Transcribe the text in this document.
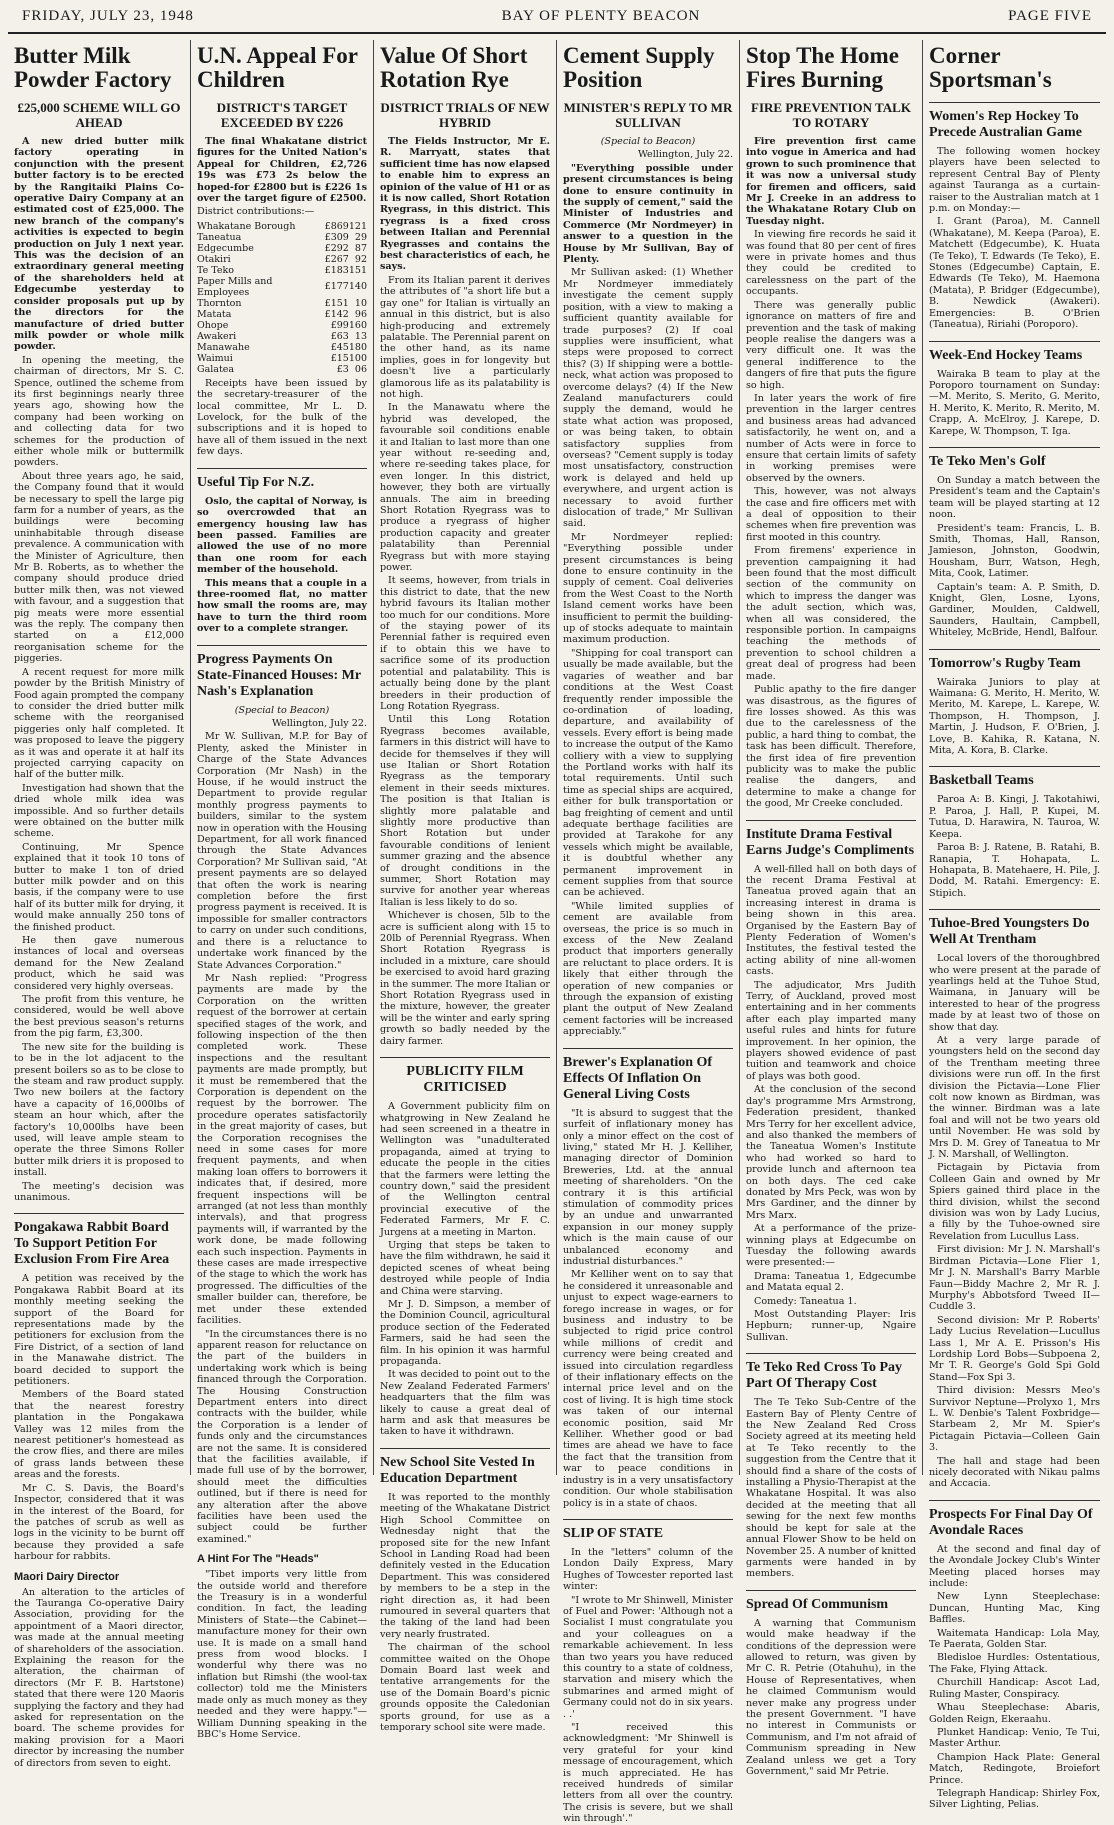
FRIDAY, JULY 23, 1948	BAY OF PLENTY BEACON	PAGE FIVE
Butter Milk Powder Factory
£25,000 SCHEME WILL GO AHEAD

A new dried butter milk factory operating in conjunction with the present butter factory is to be erected by the Rangitaiki Plains Co-operative Dairy Company at an estimated cost of £25,000. The new branch of the company's activities is expected to begin production on July 1 next year. This was the decision of an extraordinary general meeting of the shareholders held at Edgecumbe yesterday to consider proposals put up by the directors for the manufacture of dried butter milk powder or whole milk powder.

In opening the meeting, the chairman of directors, Mr S. C. Spence, outlined the scheme from its first beginnings nearly three years ago, showing how the company had been working on and collecting data for two schemes for the production of either whole milk or buttermilk powders.

About three years ago, he said, the Company found that it would be necessary to spell the large pig farm for a number of years, as the buildings were becoming uninhabitable through disease prevalence. A communication with the Minister of Agriculture, then Mr B. Roberts, as to whether the company should produce dried butter milk then, was not viewed with favour, and a suggestion that pig meats were more essential was the reply. The company then started on a £12,000 reorganisation scheme for the piggeries.

A recent request for more milk powder by the British Ministry of Food again prompted the company to consider the dried butter milk scheme with the reorganised piggeries only half completed. It was proposed to leave the piggery as it was and operate it at half its projected carrying capacity on half of the butter milk.

Investigation had shown that the dried whole milk idea was impossible. And so further details were obtained on the butter milk scheme.

Continuing, Mr Spence explained that it took 10 tons of butter to make 1 ton of dried butter milk powder and on this basis, if the company were to use half of its butter milk for drying, it would make annually 250 tons of the finished product.

He then gave numerous instances of local and overseas demand for the New Zealand product, which he said was considered very highly overseas.

The profit from this venture, he considered, would be well above the best previous season's returns from the pig farm, £3,300.

The new site for the building is to be in the lot adjacent to the present boilers so as to be close to the steam and raw product supply. Two new boilers at the factory have a capacity of 16,000lbs of steam an hour which, after the factory's 10,000lbs have been used, will leave ample steam to operate the three Simons Roller butter milk driers it is proposed to install.

The meeting's decision was unanimous.

Pongakawa Rabbit Board To Support Petition For Exclusion From Fire Area

A petition was received by the Pongakawa Rabbit Board at its monthly meeting seeking the support of the Board for representations made by the petitioners for exclusion from the Fire District, of a section of land in the Manawahe district. The board decided to support the petitioners.

Members of the Board stated that the nearest forestry plantation in the Pongakawa Valley was 12 miles from the nearest petitioner's homestead as the crow flies, and there are miles of grass lands between these areas and the forests.

Mr C. S. Davis, the Board's Inspector, considered that it was in the interest of the Board, for the patches of scrub as well as logs in the vicinity to be burnt off because they provided a safe harbour for rabbits.

Maori Dairy Director

An alteration to the articles of the Tauranga Co-operative Dairy Association, providing for the appointment of a Maori director, was made at the annual meeting of shareholders of the association. Explaining the reason for the alteration, the chairman of directors (Mr F. B. Hartstone) stated that there were 120 Maoris supplying the factory and they had asked for representation on the board. The scheme provides for making provision for a Maori director by increasing the number of directors from seven to eight.

U.N. Appeal For Children
DISTRICT'S TARGET EXCEEDED BY £226

The final Whakatane district figures for the United Nation's Appeal for Children, £2,726 19s was £73 2s below the hoped-for £2800 but is £226 1s over the target figure of £2500.

District contributions:—

Whakatane Borough	£869	12	1
Taneatua	£309	2	9
Edgecumbe	£292	8	7
Otakiri	£267	9	2
Te Teko	£183	15	1
Paper Mills and Employees	£177	14	0
Thornton	£151	1	0
Matata	£142	9	6
Ohope	£99	16	0
Awakeri	£63	1	3
Manawahe	£45	18	0
Waimui	£15	10	0
Galatea	£3	0	6

Receipts have been issued by the secretary-treasurer of the local committee, Mr L. D. Lovelock, for the bulk of the subscriptions and it is hoped to have all of them issued in the next few days.

Useful Tip For N.Z.

Oslo, the capital of Norway, is so overcrowded that an emergency housing law has been passed. Families are allowed the use of no more than one room for each member of the household.

This means that a couple in a three-roomed flat, no matter how small the rooms are, may have to turn the third room over to a complete stranger.

Progress Payments On State-Financed Houses: Mr Nash's Explanation

(Special to Beacon)

Wellington, July 22.

Mr W. Sullivan, M.P. for Bay of Plenty, asked the Minister in Charge of the State Advances Corporation (Mr Nash) in the House, if he would instruct the Department to provide regular monthly progress payments to builders, similar to the system now in operation with the Housing Department, for all work financed through the State Advances Corporation? Mr Sullivan said, "At present payments are so delayed that often the work is nearing completion before the first progress payment is received. It is impossible for smaller contractors to carry on under such conditions, and there is a reluctance to undertake work financed by the State Advances Corporation."

Mr Nash replied: "Progress payments are made by the Corporation on the written request of the borrower at certain specified stages of the work, and following inspection of the then completed work. These inspections and the resultant payments are made promptly, but it must be remembered that the Corporation is dependent on the request by the borrower. The procedure operates satisfactorily in the great majority of cases, but the Corporation recognises the need in some cases for more frequent payments, and when making loan offers to borrowers it indicates that, if desired, more frequent inspections will be arranged (at not less than monthly intervals), and that progress payments will, if warranted by the work done, be made following each such inspection. Payments in these cases are made irrespective of the stage to which the work has progressed. The difficulties of the smaller builder can, therefore, be met under these extended facilities.

"In the circumstances there is no apparent reason for reluctance on the part of the builders in undertaking work which is being financed through the Corporation. The Housing Construction Department enters into direct contracts with the builder, while the Corporation is a lender of funds only and the circumstances are not the same. It is considered that the facilities available, if made full use of by the borrower, should meet the difficulties outlined, but if there is need for any alteration after the above facilities have been used the subject could be further examined."

A Hint For The "Heads"

"Tibet imports very little from the outside world and therefore the Treasury is in a wonderful condition. In fact, the leading Ministers of State—the Cabinet—manufacture money for their own use. It is made on a small hand press from wood blocks. I wonderful why there was no inflation but Rimshi (the wool-tax collector) told me the Ministers made only as much money as they needed and they were happy."—William Dunning speaking in the BBC's Home Service.

Value Of Short Rotation Rye
DISTRICT TRIALS OF NEW HYBRID

The Fields Instructor, Mr E. R. Marryatt, states that sufficient time has now elapsed to enable him to express an opinion of the value of H1 or as it is now called, Short Rotation Ryegrass, in this district. This ryegrass is a fixed cross between Italian and Perennial Ryegrasses and contains the best characteristics of each, he says.

From its Italian parent it derives the attributes of "a short life but a gay one" for Italian is virtually an annual in this district, but is also high-producing and extremely palatable. The Perennial parent on the other hand, as its name implies, goes in for longevity but doesn't live a particularly glamorous life as its palatability is not high.

In the Manawatu where the hybrid was developed, the favourable soil conditions enable it and Italian to last more than one year without re-seeding and, where re-seeding takes place, for even longer. In this district, however, they both are virtually annuals. The aim in breeding Short Rotation Ryegrass was to produce a ryegrass of higher production capacity and greater palatability than Perennial Ryegrass but with more staying power.

It seems, however, from trials in this district to date, that the new hybrid favours its Italian mother too much for our conditions. More of the staying power of its Perennial father is required even if to obtain this we have to sacrifice some of its production potential and palatability. This is actually being done by the plant breeders in their production of Long Rotation Ryegrass.

Until this Long Rotation Ryegrass becomes available, farmers in this district will have to decide for themselves if they will use Italian or Short Rotation Ryegrass as the temporary element in their seeds mixtures. The position is that Italian is slightly more palatable and slightly more productive than Short Rotation but under favourable conditions of lenient summer grazing and the absence of drought conditions in the summer, Short Rotation may survive for another year whereas Italian is less likely to do so.

Whichever is chosen, 5lb to the acre is sufficient along with 15 to 20lb of Perennial Ryegrass. When Short Rotation Ryegrass is included in a mixture, care should be exercised to avoid hard grazing in the summer. The more Italian or Short Rotation Ryegrass used in the mixture, however, the greater will be the winter and early spring growth so badly needed by the dairy farmer.

PUBLICITY FILM CRITICISED

A Government publicity film on whatgrowing in New Zealand he had seen screened in a theatre in Wellington was "unadulterated propaganda, aimed at trying to educate the people in the cities that the farmers were letting the country down," said the president of the Wellington central provincial executive of the Federated Farmers, Mr F. C. Jurgens at a meeting in Marton.

Urging that steps be taken to have the film withdrawn, he said it depicted scenes of wheat being destroyed while people of India and China were starving.

Mr J. D. Simpson, a member of the Dominion Council, agricultural produce section of the Federated Farmers, said he had seen the film. In his opinion it was harmful propaganda.

It was decided to point out to the New Zealand Federated Farmers' headquarters that the film was likely to cause a great deal of harm and ask that measures be taken to have it withdrawn.

New School Site Vested In Education Department

It was reported to the monthly meeting of the Whakatane District High School Committee on Wednesday night that the proposed site for the new Infant School in Landing Road had been definitely vested in the Education Department. This was considered by members to be a step in the right direction as, it had been rumoured in several quarters that the taking of the land had been very nearly frustrated.

The chairman of the school committee waited on the Ohope Domain Board last week and tentative arrangements for the use of the Domain Board's picnic grounds opposite the Caledonian sports ground, for use as a temporary school site were made.

Cement Supply Position
MINISTER'S REPLY TO MR SULLIVAN

(Special to Beacon)

Wellington, July 22.

"Everything possible under present circumstances is being done to ensure continuity in the supply of cement," said the Minister of Industries and Commerce (Mr Nordmeyer) in answer to a question in the House by Mr Sullivan, Bay of Plenty.

Mr Sullivan asked: (1) Whether Mr Nordmeyer immediately investigate the cement supply position, with a view to making a sufficient quantity available for trade purposes? (2) If coal supplies were insufficient, what steps were proposed to correct this? (3) If shipping were a bottle-neck, what action was proposed to overcome delays? (4) If the New Zealand manufacturers could supply the demand, would he state what action was proposed, or was being taken, to obtain satisfactory supplies from overseas? "Cement supply is today most unsatisfactory, construction work is delayed and held up everywhere, and urgent action is necessary to avoid further dislocation of trade," Mr Sullivan said.

Mr Nordmeyer replied: "Everything possible under present circumstances is being done to ensure continuity in the supply of cement. Coal deliveries from the West Coast to the North Island cement works have been insufficient to permit the building-up of stocks adequate to maintain maximum production.

"Shipping for coal transport can usually be made available, but the vagaries of weather and bar conditions at the West Coast frequently render impossible the co-ordination of loading, departure, and availability of vessels. Every effort is being made to increase the output of the Kamo colliery with a view to supplying the Portland works with half its total requirements. Until such time as special ships are acquired, either for bulk transportation or bag freighting of cement and until adequate berthage facilities are provided at Tarakohe for any vessels which might be available, it is doubtful whether any permanent improvement in cement supplies from that source can be achieved.

"While limited supplies of cement are available from overseas, the price is so much in excess of the New Zealand product that importers generally are reluctant to place orders. It is likely that either through the operation of new companies or through the expansion of existing plant the output of New Zealand cement factories will be increased appreciably."

Brewer's Explanation Of Effects Of Inflation On General Living Costs

"It is absurd to suggest that the surfeit of inflationary money has only a minor effect on the cost of living," stated Mr H. J. Kelliher, managing director of Dominion Breweries, Ltd. at the annual meeting of shareholders. "On the contrary it is this artificial stimulation of commodity prices by an undue and unwarranted expansion in our money supply which is the main cause of our unbalanced economy and industrial disturbances."

Mr Kelliher went on to say that he considered it unreasonable and unjust to expect wage-earners to forego increase in wages, or for business and industry to be subjected to rigid price control while millions of credit and currency were being created and issued into circulation regardless of their inflationary effects on the internal price level and on the cost of living. It is high time stock was taken of our internal economic position, said Mr Kelliher. Whether good or bad times are ahead we have to face the fact that the transition from war to peace conditions in industry is in a very unsatisfactory condition. Our whole stabilisation policy is in a state of chaos.

SLIP OF STATE

In the "letters" column of the London Daily Express, Mary Hughes of Towcester reported last winter:

"I wrote to Mr Shinwell, Minister of Fuel and Power: 'Although not a Socialist I must congratulate you and your colleagues on a remarkable achievement. In less than two years you have reduced this country to a state of coldness, starvation and misery which the submarines and armed might of Germany could not do in six years. . .'

"I received this acknowledgment: 'Mr Shinwell is very grateful for your kind message of encouragement, which is much appreciated. He has received hundreds of similar letters from all over the country. The crisis is severe, but we shall win through'."

Stop The Home Fires Burning
FIRE PREVENTION TALK TO ROTARY

Fire prevention first came into vogue in America and had grown to such prominence that it was now a universal study for firemen and officers, said Mr J. Creeke in an address to the Whakatane Rotary Club on Tuesday night.

In viewing fire records he said it was found that 80 per cent of fires were in private homes and thus they could be credited to carelessness on the part of the occupants.

There was generally public ignorance on matters of fire and prevention and the task of making people realise the dangers was a very difficult one. It was the general indifference to the dangers of fire that puts the figure so high.

In later years the work of fire prevention in the larger centres and business areas had advanced satisfactorily, he went on, and a number of Acts were in force to ensure that certain limits of safety in working premises were observed by the owners.

This, however, was not always the case and fire officers met with a deal of opposition to their schemes when fire prevention was first mooted in this country.

From firemens' experience in prevention campaigning it had been found that the most difficult section of the community on which to impress the danger was the adult section, which was, when all was considered, the responsible portion. In campaigns teaching the methods of prevention to school children a great deal of progress had been made.

Public apathy to the fire danger was disastrous, as the figures of fire losses showed. As this was due to the carelessness of the public, a hard thing to combat, the task has been difficult. Therefore, the first idea of fire prevention publicity was to make the public realise the dangers, and determine to make a change for the good, Mr Creeke concluded.

Institute Drama Festival Earns Judge's Compliments

A well-filled hall on both days of the recent Drama Festival at Taneatua proved again that an increasing interest in drama is being shown in this area. Organised by the Eastern Bay of Plenty Federation of Women's Institutes, the festival tested the acting ability of nine all-women casts.

The adjudicator, Mrs Judith Terry, of Auckland, proved most entertaining and in her comments after each play imparted many useful rules and hints for future improvement. In her opinion, the players showed evidence of past tuition and teamwork and choice of plays was both good.

At the conclusion of the second day's programme Mrs Armstrong, Federation president, thanked Mrs Terry for her excellent advice, and also thanked the members of the Taneatua Women's Institute who had worked so hard to provide lunch and afternoon tea on both days. The ced cake donated by Mrs Peck, was won by Mrs Gardiner, and the dinner by Mrs Marx.

At a performance of the prize-winning plays at Edgecumbe on Tuesday the following awards were presented:—

Drama: Taneatua 1, Edgecumbe and Matata equal 2.

Comedy: Taneatua 1.

Most Outstanding Player: Iris Hepburn; runner-up, Ngaire Sullivan.

Te Teko Red Cross To Pay Part Of Therapy Cost

The Te Teko Sub-Centre of the Eastern Bay of Plenty Centre of the New Zealand Red Cross Society agreed at its meeting held at Te Teko recently to the suggestion from the Centre that it should find a share of the costs of installing a Physio-Therapist at the Whakatane Hospital. It was also decided at the meeting that all sewing for the next few months should be kept for sale at the annual Flower Show to be held on November 25. A number of knitted garments were handed in by members.

Spread Of Communism

A warning that Communism would make headway if the conditions of the depression were allowed to return, was given by Mr C. R. Petrie (Otahuhu), in the House of Representatives, when he claimed Communism would never make any progress under the present Government. "I have no interest in Communists or Communism, and I'm not afraid of Communism spreading in New Zealand unless we get a Tory Government," said Mr Petrie.

Corner Sportsman's
Women's Rep Hockey To Precede Australian Game

The following women hockey players have been selected to represent Central Bay of Plenty against Tauranga as a curtain-raiser to the Australian match at 1 p.m. on Monday:—

I. Grant (Paroa), M. Cannell (Whakatane), M. Keepa (Paroa), E. Matchett (Edgecumbe), K. Huata (Te Teko), T. Edwards (Te Teko), E. Stones (Edgecumbe) Captain, E. Edwards (Te Teko), M. Haemona (Matata), P. Bridger (Edgecumbe), B. Newdick (Awakeri). Emergencies: B. O'Brien (Taneatua), Ririahi (Poroporo).

Week-End Hockey Teams

Wairaka B team to play at the Poroporo tournament on Sunday:—M. Merito, S. Merito, G. Merito, H. Merito, K. Merito, R. Merito, M. Crapp, A. McElroy, J. Karepe, D. Karepe, W. Thompson, T. Iga.

Te Teko Men's Golf

On Sunday a match between the President's team and the Captain's team will be played starting at 12 noon.

President's team: Francis, L. B. Smith, Thomas, Hall, Ranson, Jamieson, Johnston, Goodwin, Housham, Burr, Watson, Hegh, Mita, Cook, Latimer.

Captain's team: A. P. Smith, D. Knight, Glen, Losne, Lyons, Gardiner, Moulden, Caldwell, Saunders, Haultain, Campbell, Whiteley, McBride, Hendl, Balfour.

Tomorrow's Rugby Team

Wairaka Juniors to play at Waimana: G. Merito, H. Merito, W. Merito, M. Karepe, L. Karepe, W. Thompson, H. Thompson, J. Martin, J. Hudson, F. O'Brien, J. Love, B. Kahika, R. Katana, N. Mita, A. Kora, B. Clarke.

Basketball Teams

Paroa A: B. Kingi, J. Takotahiwi, P. Paroa, J. Hall, P. Kupei, M. Tutua, D. Harawira, N. Tauroa, W. Keepa.

Paroa B: J. Ratene, B. Ratahi, B. Ranapia, T. Hohapata, L. Hohapata, B. Matehaere, H. Pile, J. Dodd, M. Ratahi. Emergency: E. Stipich.

Tuhoe-Bred Youngsters Do Well At Trentham

Local lovers of the thoroughbred who were present at the parade of yearlings held at the Tuhoe Stud, Waimana, in January will be interested to hear of the progress made by at least two of those on show that day.

At a very large parade of youngsters held on the second day of the Trentham meeting three divisions were run off. In the first division the Pictavia—Lone Flier colt now known as Birdman, was the winner. Birdman was a late foal and will not be two years old until November. He was sold by Mrs D. M. Grey of Taneatua to Mr J. N. Marshall, of Wellington.

Pictagain by Pictavia from Colleen Gain and owned by Mr Spiers gained third place in the third division, whilst the second division was won by Lady Lucius, a filly by the Tuhoe-owned sire Revelation from Lucullus Lass.

First division: Mr J. N. Marshall's Birdman Pictavia—Lone Flier 1, Mr J. N. Marshall's Barry Marble Faun—Biddy Machre 2, Mr R. J. Murphy's Abbotsford Tweed II—Cuddle 3.

Second division: Mr P. Roberts' Lady Lucius Revelation—Lucullus Lass 1, Mr A. E. Prisson's His Lordship Lord Bobs—Subpoena 2, Mr T. R. George's Gold Spi Gold Stand—Fox Spi 3.

Third division: Messrs Meo's Survivor Neptune—Prolyxo 1, Mrs L. W. Denbie's Talent Foxbridge—Starbeam 2, Mr M. Spier's Pictagain Pictavia—Colleen Gain 3.

The hall and stage had been nicely decorated with Nikau palms and Accacia.

Prospects For Final Day Of Avondale Races

At the second and final day of the Avondale Jockey Club's Winter Meeting placed horses may include:

New Lynn Steeplechase: Duncan, Hunting Mac, King Baffles.

Waitemata Handicap: Lola May, Te Paerata, Golden Star.

Bledisloe Hurdles: Ostentatious, The Fake, Flying Attack.

Churchill Handicap: Ascot Lad, Ruling Master, Conspiracy.

Whau Steeplechase: Abaris, Golden Reign, Ekeraahu.

Plunket Handicap: Venio, Te Tui, Master Arthur.

Champion Hack Plate: General Match, Redingote, Broiefort Prince.

Telegraph Handicap: Shirley Fox, Silver Lighting, Pelias.
